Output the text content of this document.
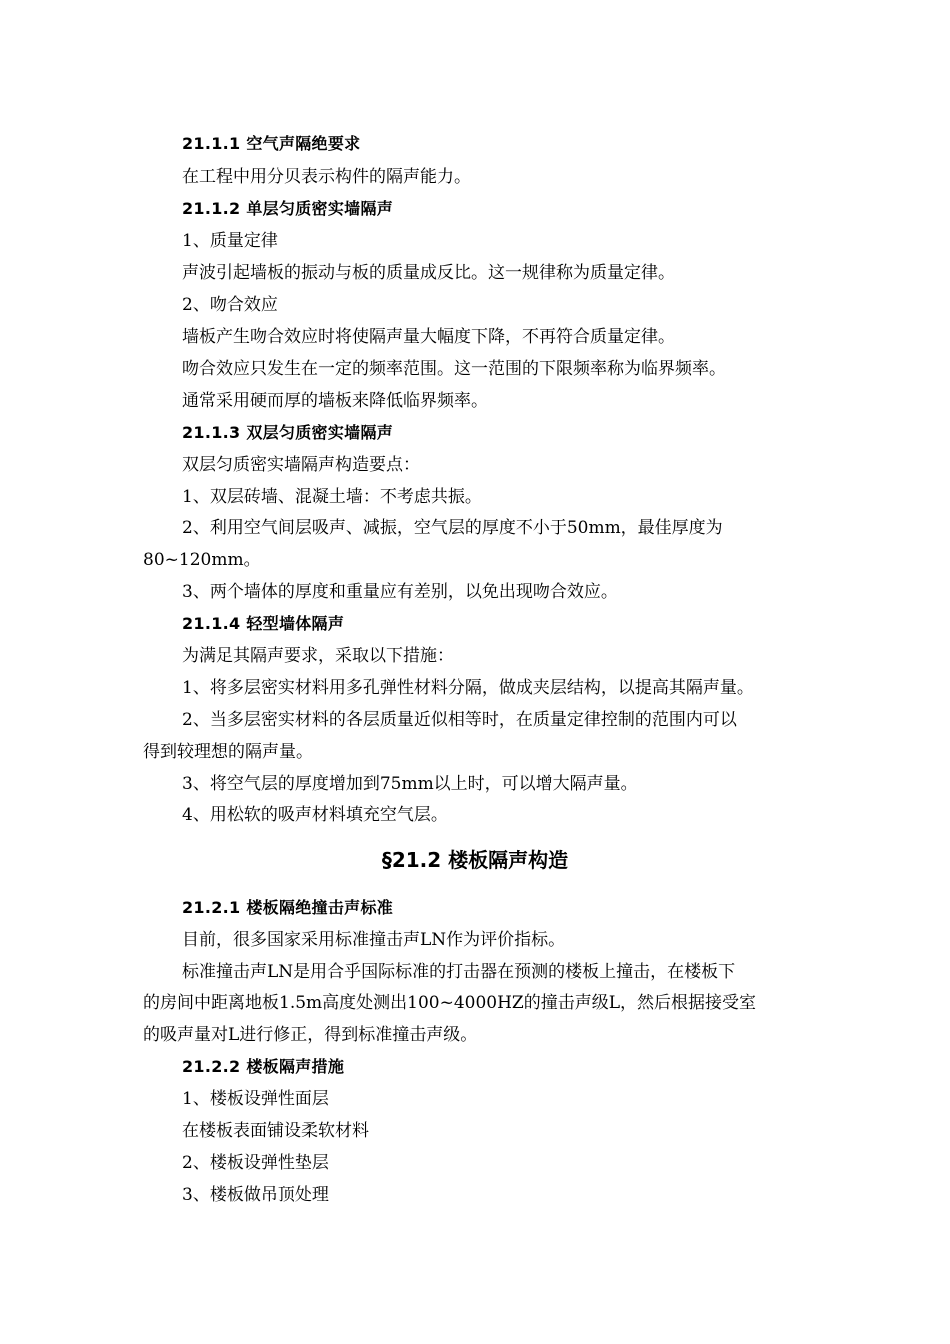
21.1.1 空气声隔绝要求
在工程中用分贝表示构件的隔声能力。
21.1.2 单层匀质密实墙隔声
1、质量定律
声波引起墙板的振动与板的质量成反比。这一规律称为质量定律。
2、吻合效应
墙板产生吻合效应时将使隔声量大幅度下降，不再符合质量定律。
吻合效应只发生在一定的频率范围。这一范围的下限频率称为临界频率。
通常采用硬而厚的墙板来降低临界频率。
21.1.3 双层匀质密实墙隔声
双层匀质密实墙隔声构造要点：
1、双层砖墙、混凝土墙：不考虑共振。
2、利用空气间层吸声、减振，空气层的厚度不小于50mm，最佳厚度为
80~120mm。
3、两个墙体的厚度和重量应有差别，以免出现吻合效应。
21.1.4 轻型墙体隔声
为满足其隔声要求，采取以下措施：
1、将多层密实材料用多孔弹性材料分隔，做成夹层结构，以提高其隔声量。
2、当多层密实材料的各层质量近似相等时，在质量定律控制的范围内可以
得到较理想的隔声量。
3、将空气层的厚度增加到75mm以上时，可以增大隔声量。
4、用松软的吸声材料填充空气层。
§21.2 楼板隔声构造
21.2.1 楼板隔绝撞击声标准
目前，很多国家采用标准撞击声LN作为评价指标。
标准撞击声LN是用合乎国际标准的打击器在预测的楼板上撞击，在楼板下
的房间中距离地板1.5m高度处测出100~4000HZ的撞击声级L，然后根据接受室
的吸声量对L进行修正，得到标准撞击声级。
21.2.2 楼板隔声措施
1、楼板设弹性面层
在楼板表面铺设柔软材料
2、楼板设弹性垫层
3、楼板做吊顶处理
